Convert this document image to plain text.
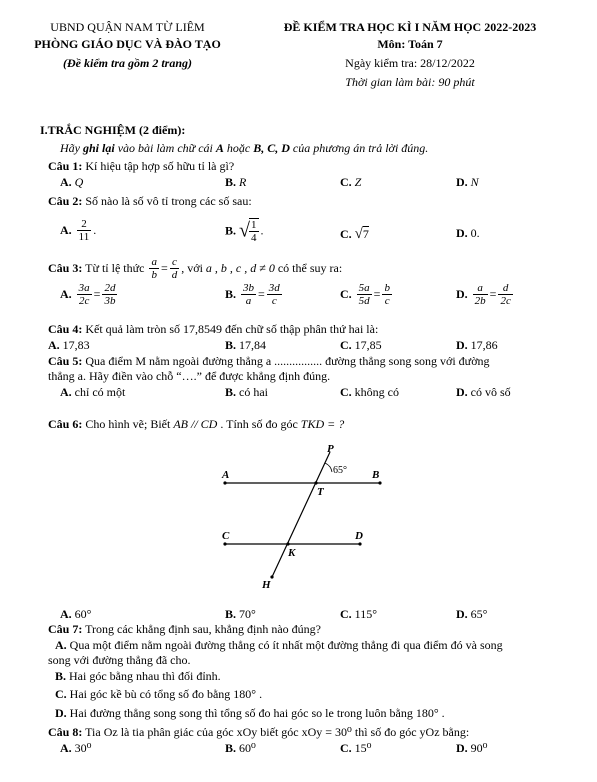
UBND QUẬN NAM TỪ LIÊM
PHÒNG GIÁO DỤC VÀ ĐÀO TẠO
(Đề kiểm tra gồm 2 trang)
ĐỀ KIỂM TRA HỌC KÌ I NĂM HỌC 2022-2023
Môn: Toán 7
Ngày kiểm tra: 28/12/2022
Thời gian làm bài: 90 phút
I.TRẮC NGHIỆM (2 điểm):
Hãy ghi lại vào bài làm chữ cái A hoặc B, C, D của phương án trả lời đúng.
Câu 1: Kí hiệu tập hợp số hữu tỉ là gì?
A. Q	B. R	C. Z	D. N
Câu 2: Số nào là số vô tỉ trong các số sau:
A. $\frac{2}{11}$ .	B. √ $\frac{1}{4}$ .	C. √7	D. 0.
Câu 3: Từ tỉ lệ thức $\frac{a}{b} = \frac{c}{d}$ , với a , b , c , d ≠ 0 có thể suy ra:
A. $\frac{3a}{2c} = \frac{2d}{3b}$	B. $\frac{3b}{a} = \frac{3d}{c}$	C. $\frac{5a}{5d} = \frac{b}{c}$	D. $\frac{a}{2b} = \frac{d}{2c}$
Câu 4: Kết quả làm tròn số 17,8549 đến chữ số thập phân thứ hai là:
A. 17,83	B. 17,84	C. 17,85	D. 17,86
Câu 5: Qua điểm M nằm ngoài đường thẳng a ................ đường thẳng song song với đường
thẳng a. Hãy điền vào chỗ “….” để được khẳng định đúng.
A. chỉ có một	B. có hai	C. không có	D. có vô số
Câu 6: Cho hình vẽ; Biết AB // CD . Tính số đo góc TKD = ?
P
A	B
T
C	D
K
H
65°
A. 60°	B. 70°	C. 115°	D. 65°
Câu 7: Trong các khẳng định sau, khẳng định nào đúng?
A. Qua một điểm nằm ngoài đường thẳng có ít nhất một đường thẳng đi qua điểm đó và song
song với đường thẳng đã cho.
B. Hai góc bằng nhau thì đối đỉnh.
C. Hai góc kề bù có tổng số đo bằng 180° .
D. Hai đường thẳng song song thì tổng số đo hai góc so le trong luôn bằng 180° .
Câu 8: Tia Oz là tia phân giác của góc xOy biết góc xOy = 30⁰ thì số đo góc yOz bằng:
A. 30⁰	B. 60⁰	C. 15⁰	D. 90⁰
